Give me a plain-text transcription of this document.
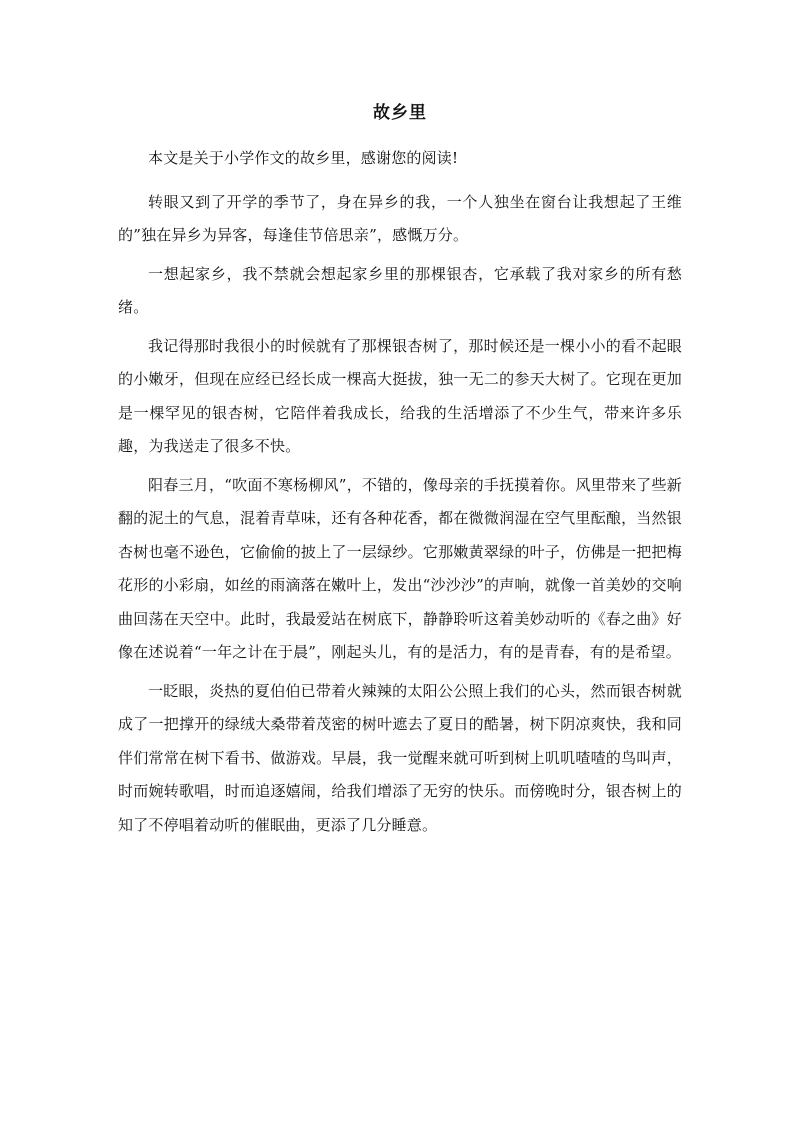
故乡里

本文是关于小学作文的故乡里，感谢您的阅读!

转眼又到了开学的季节了，身在异乡的我，一个人独坐在窗台让我想起了王维的”独在异乡为异客，每逢佳节倍思亲”，感慨万分。

一想起家乡，我不禁就会想起家乡里的那棵银杏，它承载了我对家乡的所有愁绪。

我记得那时我很小的时候就有了那棵银杏树了，那时候还是一棵小小的看不起眼的小嫩牙，但现在应经已经长成一棵高大挺拔，独一无二的参天大树了。它现在更加是一棵罕见的银杏树，它陪伴着我成长，给我的生活增添了不少生气，带来许多乐趣，为我送走了很多不快。

阳春三月，“吹面不寒杨柳风”，不错的，像母亲的手抚摸着你。风里带来了些新翻的泥土的气息，混着青草味，还有各种花香，都在微微润湿在空气里酝酿，当然银杏树也毫不逊色，它偷偷的披上了一层绿纱。它那嫩黄翠绿的叶子，仿佛是一把把梅花形的小彩扇，如丝的雨滴落在嫩叶上，发出“沙沙沙”的声响，就像一首美妙的交响曲回荡在天空中。此时，我最爱站在树底下，静静聆听这着美妙动听的《春之曲》好像在述说着“一年之计在于晨”，刚起头儿，有的是活力，有的是青春，有的是希望。

一眨眼，炎热的夏伯伯已带着火辣辣的太阳公公照上我们的心头，然而银杏树就成了一把撑开的绿绒大桑带着茂密的树叶遮去了夏日的酷暑，树下阴凉爽快，我和同伴们常常在树下看书、做游戏。早晨，我一觉醒来就可听到树上叽叽喳喳的鸟叫声，时而婉转歌唱，时而追逐嬉闹，给我们增添了无穷的快乐。而傍晚时分，银杏树上的知了不停唱着动听的催眠曲，更添了几分睡意。
